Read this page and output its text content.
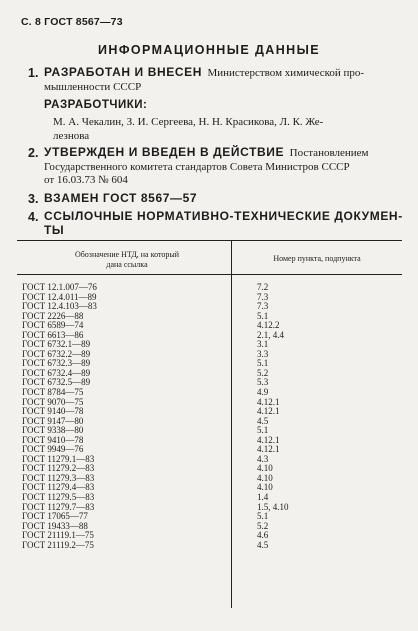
С. 8 ГОСТ 8567—73
ИНФОРМАЦИОННЫЕ ДАННЫЕ
1. РАЗРАБОТАН И ВНЕСЕН Министерством химической про-
мышленности СССР
РАЗРАБОТЧИКИ:
М. А. Чекалин, З. И. Сергеева, Н. Н. Красикова, Л. К. Же-
лезнова
2. УТВЕРЖДЕН И ВВЕДЕН В ДЕЙСТВИЕ Постановлением
Государственного комитета стандартов Совета Министров СССР
от 16.03.73 № 604
3. ВЗАМЕН ГОСТ 8567—57
4. ССЫЛОЧНЫЕ НОРМАТИВНО-ТЕХНИЧЕСКИЕ ДОКУМЕН-
ТЫ
Обозначение НТД, на который
дана ссылка
Номер пункта, подпункта
ГОСТ 12.1.007—76	7.2
ГОСТ 12.4.011—89	7.3
ГОСТ 12.4.103—83	7.3
ГОСТ 2226—88	5.1
ГОСТ 6589—74	4.12.2
ГОСТ 6613—86	2.1, 4.4
ГОСТ 6732.1—89	3.1
ГОСТ 6732.2—89	3.3
ГОСТ 6732.3—89	5.1
ГОСТ 6732.4—89	5.2
ГОСТ 6732.5—89	5.3
ГОСТ 8784—75	4.9
ГОСТ 9070—75	4.12.1
ГОСТ 9140—78	4.12.1
ГОСТ 9147—80	4.5
ГОСТ 9338—80	5.1
ГОСТ 9410—78	4.12.1
ГОСТ 9949—76	4.12.1
ГОСТ 11279.1—83	4.3
ГОСТ 11279.2—83	4.10
ГОСТ 11279.3—83	4.10
ГОСТ 11279.4—83	4.10
ГОСТ 11279.5—83	1.4
ГОСТ 11279.7—83	1.5, 4.10
ГОСТ 17065—77	5.1
ГОСТ 19433—88	5.2
ГОСТ 21119.1—75	4.6
ГОСТ 21119.2—75	4.5
